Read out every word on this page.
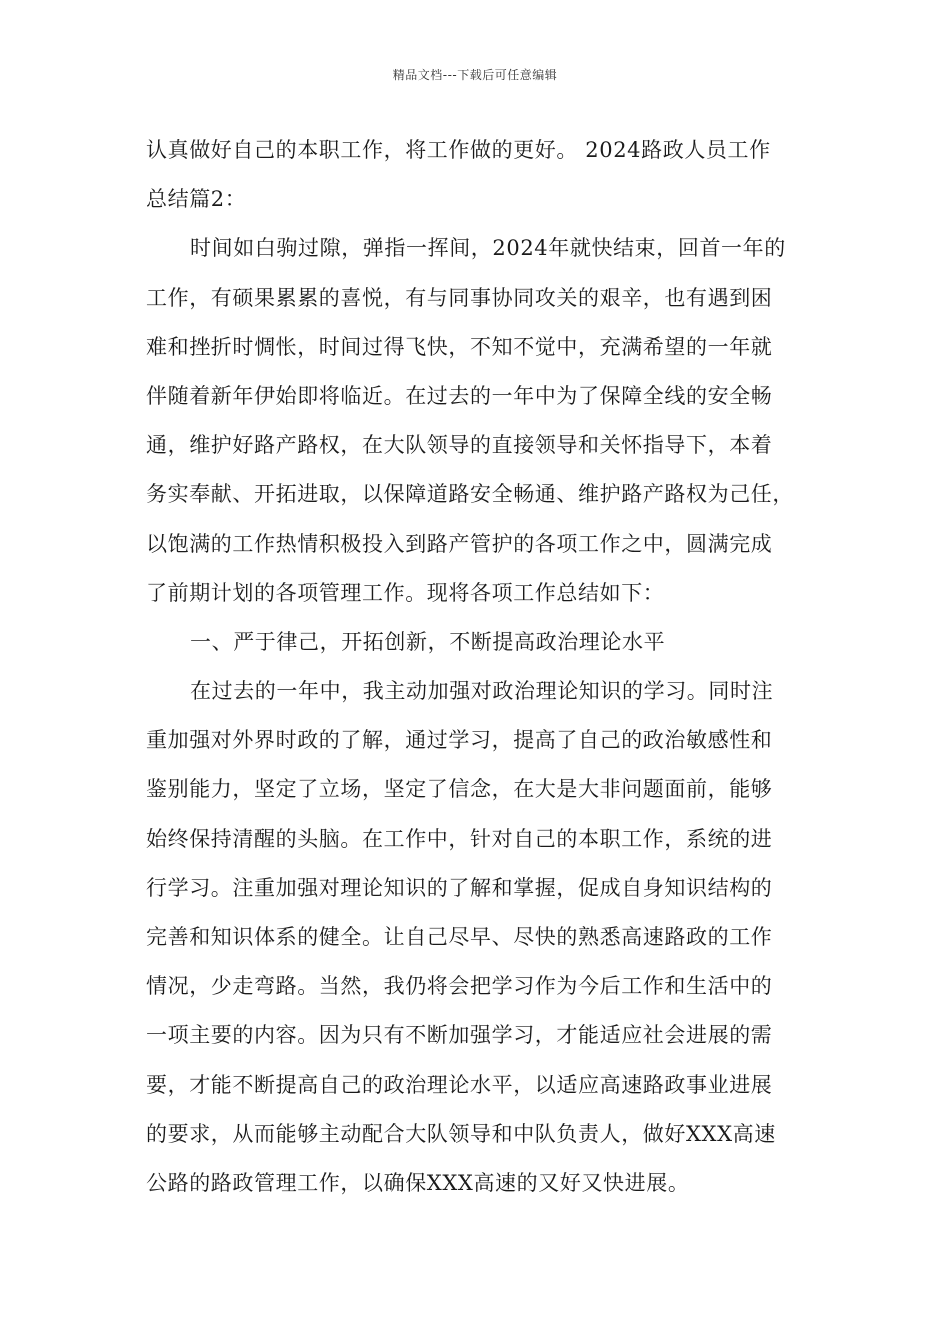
精品文档---下载后可任意编辑
认真做好自己的本职工作，将工作做的更好。 2024路政人员工作
总结篇2：
时间如白驹过隙，弹指一挥间，2024年就快结束，回首一年的
工作，有硕果累累的喜悦，有与同事协同攻关的艰辛，也有遇到困
难和挫折时惆怅，时间过得飞快，不知不觉中，充满希望的一年就
伴随着新年伊始即将临近。在过去的一年中为了保障全线的安全畅
通，维护好路产路权，在大队领导的直接领导和关怀指导下，本着
务实奉献、开拓进取，以保障道路安全畅通、维护路产路权为己任，
以饱满的工作热情积极投入到路产管护的各项工作之中，圆满完成
了前期计划的各项管理工作。现将各项工作总结如下：
一、严于律己，开拓创新，不断提高政治理论水平
在过去的一年中，我主动加强对政治理论知识的学习。同时注
重加强对外界时政的了解，通过学习，提高了自己的政治敏感性和
鉴别能力，坚定了立场，坚定了信念，在大是大非问题面前，能够
始终保持清醒的头脑。在工作中，针对自己的本职工作，系统的进
行学习。注重加强对理论知识的了解和掌握，促成自身知识结构的
完善和知识体系的健全。让自己尽早、尽快的熟悉高速路政的工作
情况，少走弯路。当然，我仍将会把学习作为今后工作和生活中的
一项主要的内容。因为只有不断加强学习，才能适应社会进展的需
要，才能不断提高自己的政治理论水平，以适应高速路政事业进展
的要求，从而能够主动配合大队领导和中队负责人，做好XXX高速
公路的路政管理工作，以确保XXX高速的又好又快进展。
